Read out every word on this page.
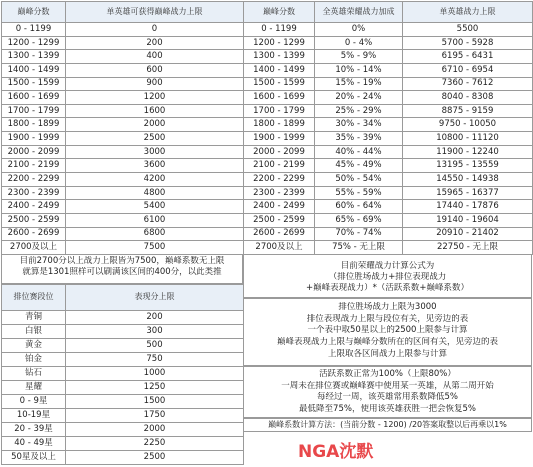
巅峰分数	单英雄可获得巅峰战力上限
0 - 1199	0
1200 - 1299	200
1300 - 1399	400
1400 - 1499	600
1500 - 1599	900
1600 - 1699	1200
1700 - 1799	1600
1800 - 1899	2000
1900 - 1999	2500
2000 - 2099	3000
2100 - 2199	3600
2200 - 2299	4200
2300 - 2399	4800
2400 - 2499	5400
2500 - 2599	6100
2600 - 2699	6800
2700及以上	7500
巅峰分数	全英雄荣耀战力加成	单英雄战力上限
0 - 1199	0%	5500
1200 - 1299	0 - 4%	5700 - 5928
1300 - 1399	5% - 9%	6195 - 6431
1400 - 1499	10% - 14%	6710 - 6954
1500 - 1599	15% - 19%	7360 - 7612
1600 - 1699	20% - 24%	8040 - 8308
1700 - 1799	25% - 29%	8875 - 9159
1800 - 1899	30% - 34%	9750 - 10050
1900 - 1999	35% - 39%	10800 - 11120
2000 - 2099	40% - 44%	11900 - 12240
2100 - 2199	45% - 49%	13195 - 13559
2200 - 2299	50% - 54%	14550 - 14938
2300 - 2399	55% - 59%	15965 - 16377
2400 - 2499	60% - 64%	17440 - 17876
2500 - 2599	65% - 69%	19140 - 19604
2600 - 2699	70% - 74%	20910 - 21402
2700及以上	75% - 无上限	22750 - 无上限
目前2700分以上战力上限皆为7500，巅峰系数无上限
就算是1301照样可以刷满该区间的400分，以此类推
目前荣耀战力计算公式为
（排位胜场战力+排位表现战力
+巅峰表现战力）*（活跃系数+巅峰系数）
排位赛段位	表现分上限
青铜	200
白银	300
黄金	500
铂金	750
钻石	1000
星耀	1250
0 - 9星	1500
10-19星	1750
20 - 39星	2000
40 - 49星	2250
50星及以上	2500
排位胜场战力上限为3000
排位表现战力上限与段位有关，见旁边的表
一个表中取50星以上的2500上限参与计算
巅峰表现战力上限与巅峰分数所在的区间有关，见旁边的表
上限取各区间战力上限参与计算
活跃系数正常为100%（上限80%）
一周未在排位赛或巅峰赛中使用某一英雄，从第二周开始
每经过一周，该英雄常用系数降低5%
最低降至75%，使用该英雄获胜一把会恢复5%
巅峰系数计算方法：(当前分数 - 1200) /20答案取整以后再乘以1%
NGA沈默
